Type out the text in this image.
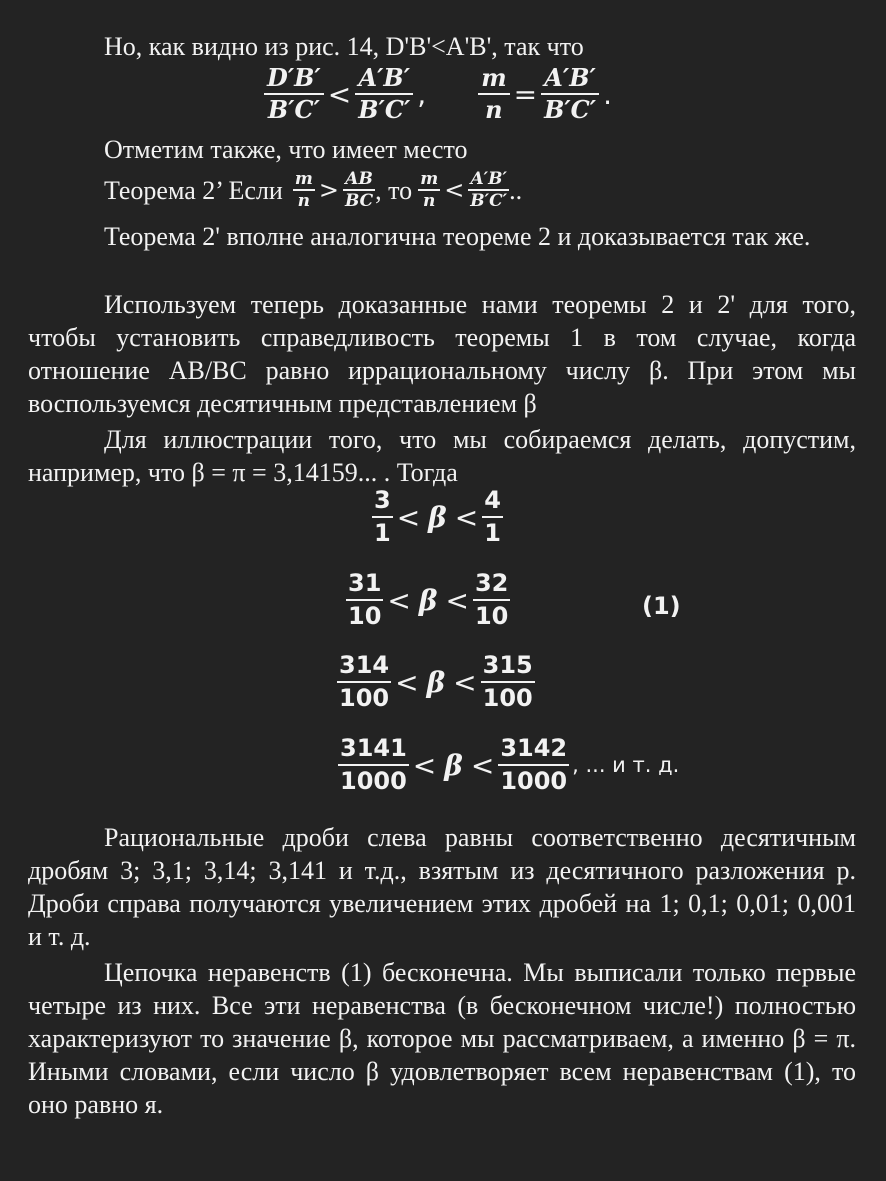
Но, как видно из рис. 14, D'B'<A'B', так что

$\frac{D'B'}{B'C'} < \frac{A'B'}{B'C'}$ , $\frac{m}{n} = \frac{A'B'}{B'C'}$ .

Отметим также, что имеет место

Теорема 2’ Если $\frac{m}{n} > \frac{AB}{BC}$ , то $\frac{m}{n} < \frac{A'B'}{B'C'}$ ..

Теорема 2' вполне аналогична теореме 2 и доказывается так же.

Используем теперь доказанные нами теоремы 2 и 2' для того, чтобы установить справедливость теоремы 1 в том случае, когда отношение AB/BC равно иррациональному числу β. При этом мы воспользуемся десятичным представлением β

Для иллюстрации того, что мы собираемся делать, допустим, например, что β = π = 3,14159... . Тогда

$\frac{3}{1} < \beta < \frac{4}{1}$
$\frac{31}{10} < \beta < \frac{32}{10}$	(1)
$\frac{314}{100} < \beta < \frac{315}{100}$
$\frac{3141}{1000} < \beta < \frac{3142}{1000}$ , ... и т. д.

Рациональные дроби слева равны соответственно десятичным дробям 3; 3,1; 3,14; 3,141 и т.д., взятым из десятичного разложения р. Дроби справа получаются увеличением этих дробей на 1; 0,1; 0,01; 0,001 и т. д.

Цепочка неравенств (1) бесконечна. Мы выписали только первые четыре из них. Все эти неравенства (в бесконечном числе!) полностью характеризуют то значение β, которое мы рассматриваем, а именно β = π. Иными словами, если число β удовлетворяет всем неравенствам (1), то оно равно я.
